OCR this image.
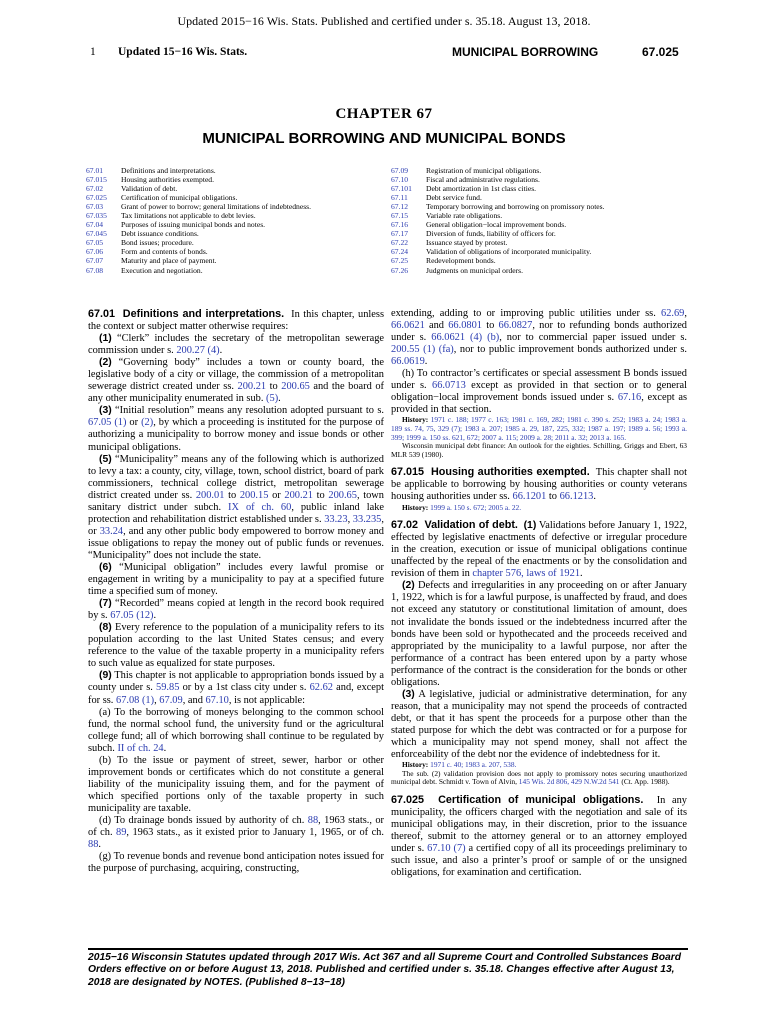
Updated 2015−16 Wis. Stats. Published and certified under s. 35.18. August 13, 2018.
1 Updated 15−16 Wis. Stats.	MUNICIPAL BORROWING	67.025
CHAPTER 67
MUNICIPAL BORROWING AND MUNICIPAL BONDS
67.01	Definitions and interpretations.
67.015	Housing authorities exempted.
67.02	Validation of debt.
67.025	Certification of municipal obligations.
67.03	Grant of power to borrow; general limitations of indebtedness.
67.035	Tax limitations not applicable to debt levies.
67.04	Purposes of issuing municipal bonds and notes.
67.045	Debt issuance conditions.
67.05	Bond issues; procedure.
67.06	Form and contents of bonds.
67.07	Maturity and place of payment.
67.08	Execution and negotiation.
67.09	Registration of municipal obligations.
67.10	Fiscal and administrative regulations.
67.101	Debt amortization in 1st class cities.
67.11	Debt service fund.
67.12	Temporary borrowing and borrowing on promissory notes.
67.15	Variable rate obligations.
67.16	General obligation−local improvement bonds.
67.17	Diversion of funds, liability of officers for.
67.22	Issuance stayed by protest.
67.24	Validation of obligations of incorporated municipality.
67.25	Redevelopment bonds.
67.26	Judgments on municipal orders.

67.01  Definitions and interpretations.  In this chapter, unless the context or subject matter otherwise requires:

(1) “Clerk” includes the secretary of the metropolitan sewerage commission under s. 200.27 (4).

(2) “Governing body” includes a town or county board, the legislative body of a city or village, the commission of a metropolitan sewerage district created under ss. 200.21 to 200.65 and the board of any other municipality enumerated in sub. (5).

(3) “Initial resolution” means any resolution adopted pursuant to s. 67.05 (1) or (2), by which a proceeding is instituted for the purpose of authorizing a municipality to borrow money and issue bonds or other municipal obligations.

(5) “Municipality” means any of the following which is authorized to levy a tax: a county, city, village, town, school district, board of park commissioners, technical college district, metropolitan sewerage district created under ss. 200.01 to 200.15 or 200.21 to 200.65, town sanitary district under subch. IX of ch. 60, public inland lake protection and rehabilitation district established under s. 33.23, 33.235, or 33.24, and any other public body empowered to borrow money and issue obligations to repay the money out of public funds or revenues. “Municipality” does not include the state.

(6) “Municipal obligation” includes every lawful promise or engagement in writing by a municipality to pay at a specified future time a specified sum of money.

(7) “Recorded” means copied at length in the record book required by s. 67.05 (12).

(8) Every reference to the population of a municipality refers to its population according to the last United States census; and every reference to the value of the taxable property in a municipality refers to such value as equalized for state purposes.

(9) This chapter is not applicable to appropriation bonds issued by a county under s. 59.85 or by a 1st class city under s. 62.62 and, except for ss. 67.08 (1), 67.09, and 67.10, is not applicable:

(a) To the borrowing of moneys belonging to the common school fund, the normal school fund, the university fund or the agricultural college fund; all of which borrowing shall continue to be regulated by subch. II of ch. 24.

(b) To the issue or payment of street, sewer, harbor or other improvement bonds or certificates which do not constitute a general liability of the municipality issuing them, and for the payment of which specified portions only of the taxable property in such municipality are taxable.

(d) To drainage bonds issued by authority of ch. 88, 1963 stats., or of ch. 89, 1963 stats., as it existed prior to January 1, 1965, or of ch. 88.

(g) To revenue bonds and revenue bond anticipation notes issued for the purpose of purchasing, acquiring, constructing,

extending, adding to or improving public utilities under ss. 62.69, 66.0621 and 66.0801 to 66.0827, nor to refunding bonds authorized under s. 66.0621 (4) (b), nor to commercial paper issued under s. 200.55 (1) (fa), nor to public improvement bonds authorized under s. 66.0619.

(h) To contractor’s certificates or special assessment B bonds issued under s. 66.0713 except as provided in that section or to general obligation−local improvement bonds issued under s. 67.16, except as provided in that section.

History: 1971 c. 188; 1977 c. 163; 1981 c. 169, 282; 1981 c. 390 s. 252; 1983 a. 24; 1983 a. 189 ss. 74, 75, 329 (7); 1983 a. 207; 1985 a. 29, 187, 225, 332; 1987 a. 197; 1989 a. 56; 1993 a. 399; 1999 a. 150 ss. 621, 672; 2007 a. 115; 2009 a. 28; 2011 a. 32; 2013 a. 165.

Wisconsin municipal debt finance: An outlook for the eighties. Schilling, Griggs and Ebert, 63 MLR 539 (1980).

67.015  Housing authorities exempted.  This chapter shall not be applicable to borrowing by housing authorities or county veterans housing authorities under ss. 66.1201 to 66.1213.

History: 1999 a. 150 s. 672; 2005 a. 22.

67.02  Validation of debt. (1) Validations before January 1, 1922, effected by legislative enactments of defective or irregular procedure in the creation, execution or issue of municipal obligations continue unaffected by the repeal of the enactments or by the consolidation and revision of them in chapter 576, laws of 1921.

(2) Defects and irregularities in any proceeding on or after January 1, 1922, which is for a lawful purpose, is unaffected by fraud, and does not exceed any statutory or constitutional limitation of amount, does not invalidate the bonds issued or the indebtedness incurred after the bonds have been sold or hypothecated and the proceeds received and appropriated by the municipality to a lawful purpose, nor after the performance of a contract has been entered upon by a party whose performance of the contract is the consideration for the bonds or other obligations.

(3) A legislative, judicial or administrative determination, for any reason, that a municipality may not spend the proceeds of contracted debt, or that it has spent the proceeds for a purpose other than the stated purpose for which the debt was contracted or for a purpose for which a municipality may not spend money, shall not affect the enforceability of the debt nor the evidence of indebtedness for it.

History: 1971 c. 40; 1983 a. 207, 538.

The sub. (2) validation provision does not apply to promissory notes securing unauthorized municipal debt. Schmidt v. Town of Alvin, 145 Wis. 2d 806, 429 N.W.2d 541 (Ct. App. 1988).

67.025  Certification of municipal obligations.  In any municipality, the officers charged with the negotiation and sale of its municipal obligations may, in their discretion, prior to the issuance thereof, submit to the attorney general or to an attorney employed under s. 67.10 (7) a certified copy of all its proceedings preliminary to such issue, and also a printer’s proof or sample of or the unsigned obligations, for examination and certification.

2015−16 Wisconsin Statutes updated through 2017 Wis. Act 367 and all Supreme Court and Controlled Substances Board Orders effective on or before August 13, 2018. Published and certified under s. 35.18. Changes effective after August 13, 2018 are designated by NOTES. (Published 8−13−18)
